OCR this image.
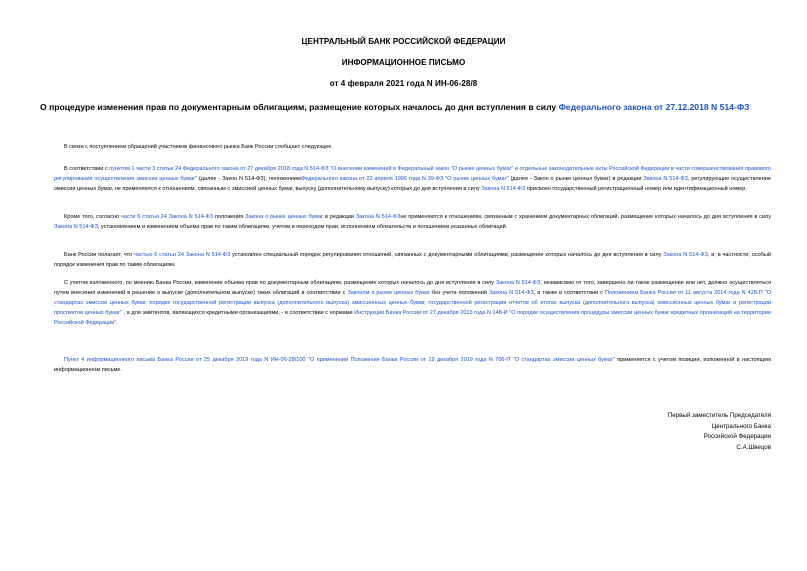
ЦЕНТРАЛЬНЫЙ БАНК РОССИЙСКОЙ ФЕДЕРАЦИИ
ИНФОРМАЦИОННОЕ ПИСЬМО
от 4 февраля 2021 года N ИН-06-28/8
О процедуре изменения прав по документарным облигациям, размещение которых началось до дня вступления в силу Федерального закона от 27.12.2018 N 514-ФЗ
В связи с поступлением обращений участников финансового рынка Банк России сообщает следующее.
В соответствии с пунктом 1 части 3 статьи 24 Федерального закона от 27 декабря 2018 года N 514-ФЗ "О внесении изменений в Федеральный закон "О рынке ценных бумаг" и отдельные законодательные акты Российской Федерации в части совершенствования правового регулирования осуществления эмиссии ценных бумаг" (далее - Закон N 514-ФЗ), положениемФедерального закона от 22 апреля 1996 года N 39-ФЗ "О рынке ценных бумаг" (далее - Закон о рынке ценных бумаг) в редакции Закона N 514-ФЗ, регулирующие осуществление эмиссии ценных бумаг, не применяются к отношениям, связанным с эмиссией ценных бумаг, выпуску (дополнительному выпуску) которых до дня вступления в силу Закона N 514-ФЗ присвоен государственный регистрационный номер или идентификационный номер.
Кроме того, согласно части 6 статьи 24 Закона N 514-ФЗ положения Закона о рынке ценных бумаг в редакции Закона N 514-ФЗне применяются к отношениям, связанным с хранением документарных облигаций, размещение которых началось до дня вступления в силу Закона N 514-ФЗ, установлением и изменением объема прав по таким облигациям, учетом и переходом прав, исполнением обязательств и погашением указанных облигаций.
Банк России полагает, что частью 6 статьи 24 Закона N 514-ФЗ установлен специальный порядок регулирования отношений, связанных с документарными облигациями, размещение которых началось до дня вступления в силу Закона N 514-ФЗ, и, в частности, особый порядок изменения прав по таким облигациям.
С учетом изложенного, по мнению Банка России, изменение объема прав по документарным облигациям, размещение которых началось до дня вступления в силу Закона N 514-ФЗ, независимо от того, завершено ли такое размещение или нет, должно осуществляться путем внесения изменений в решение о выпуске (дополнительном выпуске) таких облигаций в соответствии с Законом о рынке ценных бумаг без учета положений Закона N 514-ФЗ, а также в соответствии с Положением Банка России от 11 августа 2014 года N 428-П "О стандартах эмиссии ценных бумаг, порядке государственной регистрации выпуска (дополнительного выпуска) эмиссионных ценных бумаг, государственной регистрации отчетов об итогах выпуска (дополнительного выпуска) эмиссионных ценных бумаг и регистрации проспектов ценных бумаг" , а для эмитентов, являющихся кредитными организациями, - в соответствии с нормами Инструкции Банка России от 27 декабря 2013 года N 148-И "О порядке осуществления процедуры эмиссии ценных бумаг кредитных организаций на территории Российской Федерации".
Пункт 4 информационного письма Банка России от 25 декабря 2019 года N ИН-06-28/100 "О применении Положения Банка России от 19 декабря 2019 года N 706-П "О стандартах эмиссии ценных бумаг" применяется с учетом позиции, изложенной в настоящем информационном письме.
Первый заместитель Председателя
Центрального Банка
Российской Федерации
С.А.Швецов
